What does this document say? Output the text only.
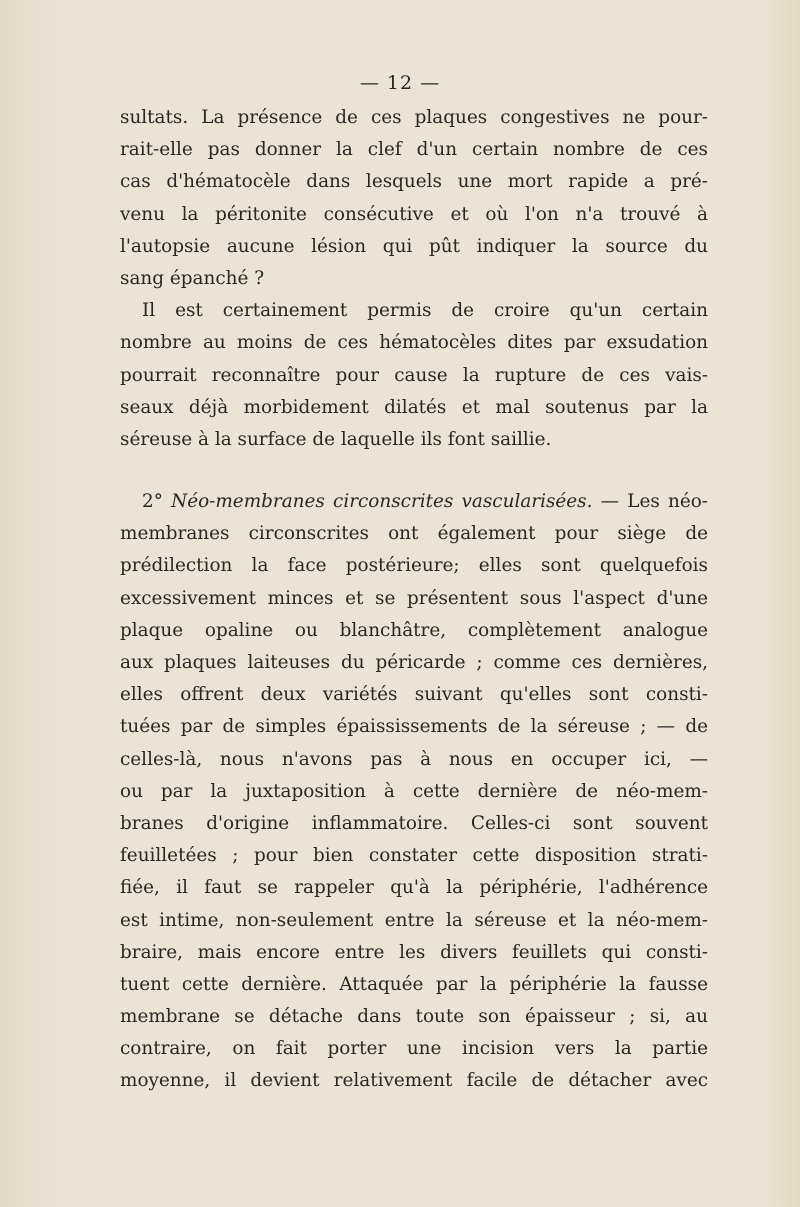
— 12 —
sultats. La présence de ces plaques congestives ne pour-
rait-elle pas donner la clef d'un certain nombre de ces
cas d'hématocèle dans lesquels une mort rapide a pré-
venu la péritonite consécutive et où l'on n'a trouvé à
l'autopsie aucune lésion qui pût indiquer la source du
sang épanché ?
Il est certainement permis de croire qu'un certain
nombre au moins de ces hématocèles dites par exsudation
pourrait reconnaître pour cause la rupture de ces vais-
seaux déjà morbidement dilatés et mal soutenus par la
séreuse à la surface de laquelle ils font saillie.
2° Néo-membranes circonscrites vascularisées. — Les néo-
membranes circonscrites ont également pour siège de
prédilection la face postérieure; elles sont quelquefois
excessivement minces et se présentent sous l'aspect d'une
plaque opaline ou blanchâtre, complètement analogue
aux plaques laiteuses du péricarde ; comme ces dernières,
elles offrent deux variétés suivant qu'elles sont consti-
tuées par de simples épaississements de la séreuse ; — de
celles-là, nous n'avons pas à nous en occuper ici, —
ou par la juxtaposition à cette dernière de néo-mem-
branes d'origine inflammatoire. Celles-ci sont souvent
feuilletées ; pour bien constater cette disposition strati-
fiée, il faut se rappeler qu'à la périphérie, l'adhérence
est intime, non-seulement entre la séreuse et la néo-mem-
braire, mais encore entre les divers feuillets qui consti-
tuent cette dernière. Attaquée par la périphérie la fausse
membrane se détache dans toute son épaisseur ; si, au
contraire, on fait porter une incision vers la partie
moyenne, il devient relativement facile de détacher avec
